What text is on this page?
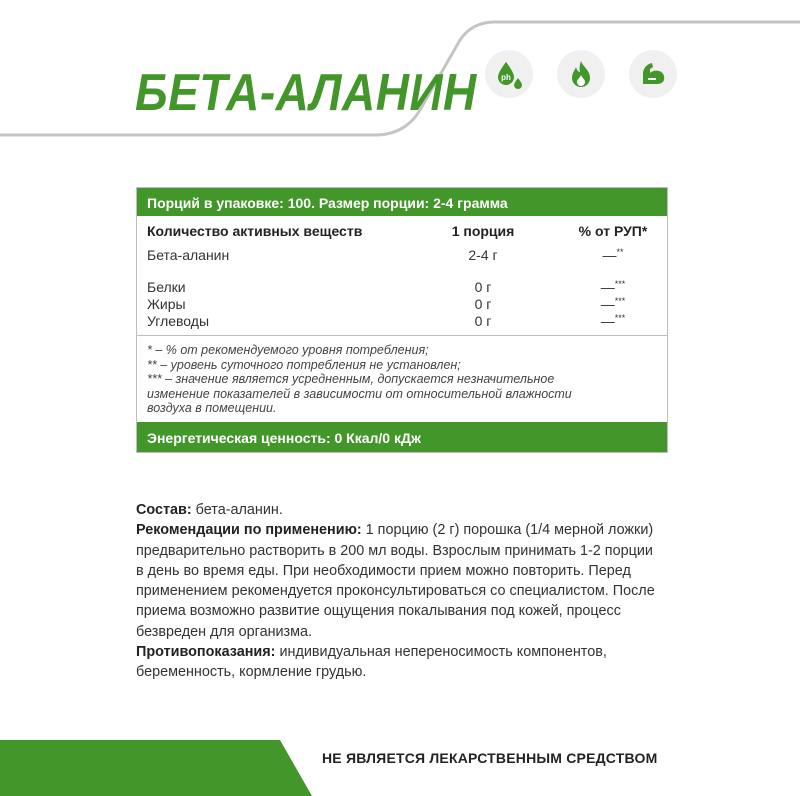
БЕТА-АЛАНИН	ph
Порций в упаковке: 100. Размер порции: 2-4 грамма
Количество активных веществ	1 порция	% от РУП*
Бета-аланин	2-4 г	—**
Белки	0 г	—***
Жиры	0 г	—***
Углеводы	0 г	—***
* – % от рекомендуемого уровня потребления;
** – уровень суточного потребления не установлен;
*** – значение является усредненным, допускается незначительное
изменение показателей в зависимости от относительной влажности
воздуха в помещении.
Энергетическая ценность: 0 Ккал/0 кДж

Состав: бета-аланин.

Рекомендации по применению: 1 порцию (2 г) порошка (1/4 мерной ложки) предварительно растворить в 200 мл воды. Взрослым принимать 1-2 порции в день во время еды. При необходимости прием можно повторить. Перед применением рекомендуется проконсультироваться со специалистом. После приема возможно развитие ощущения покалывания под кожей, процесс безвреден для организма.

Противопоказания: индивидуальная непереносимость компонентов, беременность, кормление грудью.

НЕ ЯВЛЯЕТСЯ ЛЕКАРСТВЕННЫМ СРЕДСТВОМ
